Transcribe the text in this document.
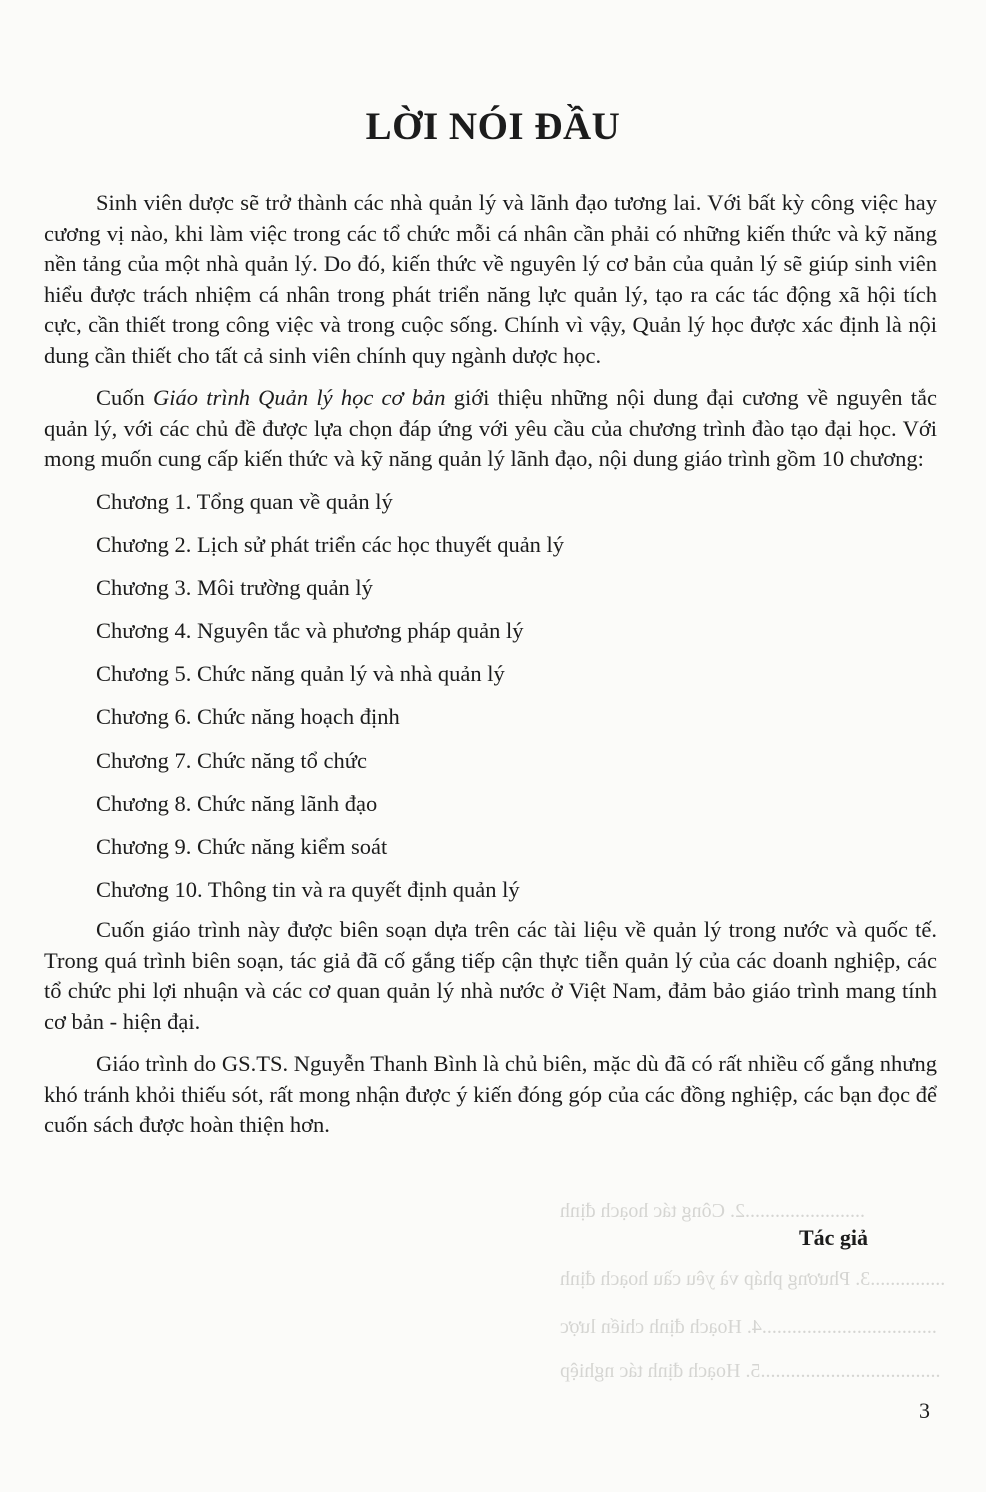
........................2. Công tác hoạch định
...............3. Phương pháp và yêu cầu hoạch định
...................................4. Hoạch định chiến lược
....................................5. Hoạch định tác nghiệp
LỜI NÓI ĐẦU

Sinh viên dược sẽ trở thành các nhà quản lý và lãnh đạo tương lai. Với bất kỳ công việc hay cương vị nào, khi làm việc trong các tổ chức mỗi cá nhân cần phải có những kiến thức và kỹ năng nền tảng của một nhà quản lý. Do đó, kiến thức về nguyên lý cơ bản của quản lý sẽ giúp sinh viên hiểu được trách nhiệm cá nhân trong phát triển năng lực quản lý, tạo ra các tác động xã hội tích cực, cần thiết trong công việc và trong cuộc sống. Chính vì vậy, Quản lý học được xác định là nội dung cần thiết cho tất cả sinh viên chính quy ngành dược học.

Cuốn Giáo trình Quản lý học cơ bản giới thiệu những nội dung đại cương về nguyên tắc quản lý, với các chủ đề được lựa chọn đáp ứng với yêu cầu của chương trình đào tạo đại học. Với mong muốn cung cấp kiến thức và kỹ năng quản lý lãnh đạo, nội dung giáo trình gồm 10 chương:

Chương 1. Tổng quan về quản lý
Chương 2. Lịch sử phát triển các học thuyết quản lý
Chương 3. Môi trường quản lý
Chương 4. Nguyên tắc và phương pháp quản lý
Chương 5. Chức năng quản lý và nhà quản lý
Chương 6. Chức năng hoạch định
Chương 7. Chức năng tổ chức
Chương 8. Chức năng lãnh đạo
Chương 9. Chức năng kiểm soát
Chương 10. Thông tin và ra quyết định quản lý

Cuốn giáo trình này được biên soạn dựa trên các tài liệu về quản lý trong nước và quốc tế. Trong quá trình biên soạn, tác giả đã cố gắng tiếp cận thực tiễn quản lý của các doanh nghiệp, các tổ chức phi lợi nhuận và các cơ quan quản lý nhà nước ở Việt Nam, đảm bảo giáo trình mang tính cơ bản - hiện đại.

Giáo trình do GS.TS. Nguyễn Thanh Bình là chủ biên, mặc dù đã có rất nhiều cố gắng nhưng khó tránh khỏi thiếu sót, rất mong nhận được ý kiến đóng góp của các đồng nghiệp, các bạn đọc để cuốn sách được hoàn thiện hơn.

Tác giả
3
